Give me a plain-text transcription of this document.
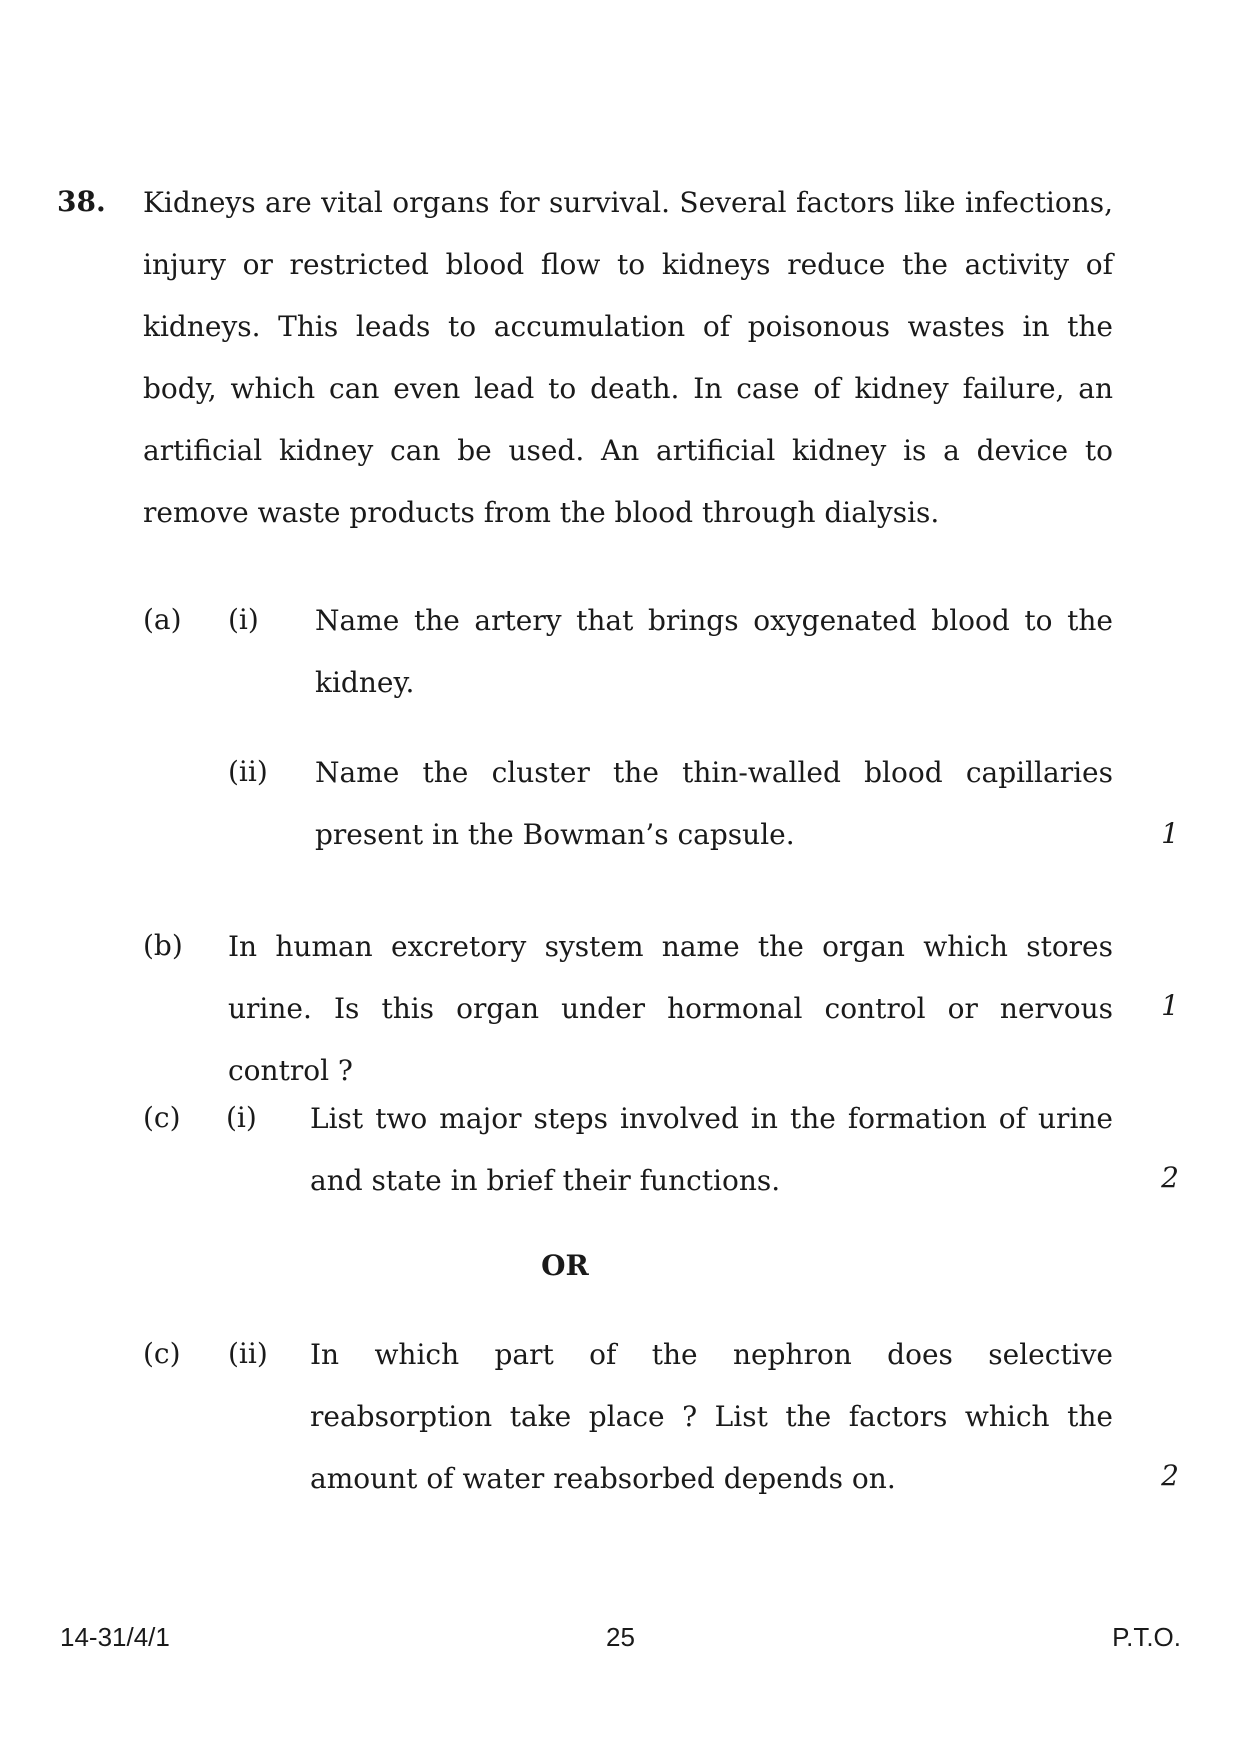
38. Kidneys are vital organs for survival. Several factors like infections, injury or restricted blood flow to kidneys reduce the activity of kidneys. This leads to accumulation of poisonous wastes in the body, which can even lead to death. In case of kidney failure, an artificial kidney can be used. An artificial kidney is a device to remove waste products from the blood through dialysis.
(a) (i) Name the artery that brings oxygenated blood to the kidney.
(ii) Name the cluster the thin-walled blood capillaries present in the Bowman’s capsule.	1
(b) In human excretory system name the organ which stores urine. Is this organ under hormonal control or nervous control ?
1
(c) (i) List two major steps involved in the formation of urine and state in brief their functions.	2
OR
(c) (ii) In which part of the nephron does selective reabsorption take place ? List the factors which the amount of water reabsorbed depends on.	2
14-31/4/1	25	P.T.O.
